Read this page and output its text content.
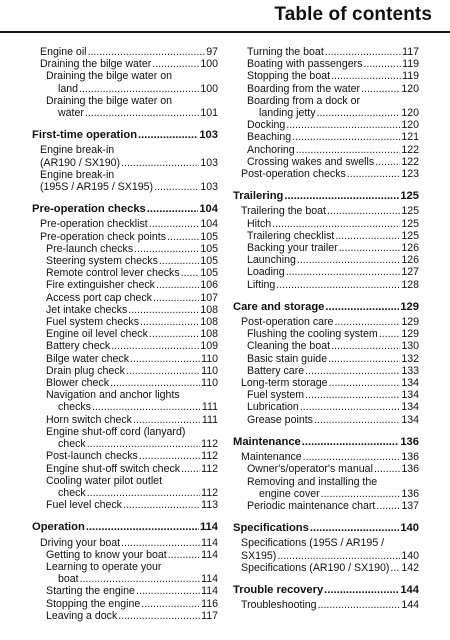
Table of contents
Engine oil .....	97
Draining the bilge water .....	100
Draining the bilge water on
land .....	100
Draining the bilge water on
water .....	101
First-time operation .....	103
Engine break-in
(AR190 / SX190) .....	103
Engine break-in
(195S / AR195 / SX195) .....	103
Pre-operation checks .....	104
Pre-operation checklist .....	104
Pre-operation check points .....	105
Pre-launch checks .....	105
Steering system checks .....	105
Remote control lever checks ..... 105
Fire extinguisher check .....	106
Access port cap check .....	107
Jet intake checks .....	108
Fuel system checks .....	108
Engine oil level check .....	108
Battery check .....	109
Bilge water check .....	110
Drain plug check .....	110
Blower check .....	110
Navigation and anchor lights
checks .....	111
Horn switch check .....	111
Engine shut-off cord (lanyard)
check .....	112
Post-launch checks .....	112
Engine shut-off switch check ..... 112
Cooling water pilot outlet
check .....	112
Fuel level check .....	113
Operation .....	114
Driving your boat .....	114
Getting to know your boat .....	114
Learning to operate your
boat .....	114
Starting the engine .....	114
Stopping the engine .....	116
Leaving a dock .....	117
Turning the boat .....	117
Boating with passengers .....	119
Stopping the boat .....	119
Boarding from the water .....	120
Boarding from a dock or
landing jetty .....	120
Docking .....	120
Beaching .....	121
Anchoring .....	122
Crossing wakes and swells .....	122
Post-operation checks .....	123
Trailering .....	125
Trailering the boat .....	125
Hitch .....	125
Trailering checklist .....	125
Backing your trailer .....	126
Launching .....	126
Loading .....	127
Lifting .....	128
Care and storage .....	129
Post-operation care .....	129
Flushing the cooling system ..... 129
Cleaning the boat .....	130
Basic stain guide .....	132
Battery care .....	133
Long-term storage .....	134
Fuel system .....	134
Lubrication .....	134
Grease points .....	134
Maintenance .....	136
Maintenance .....	136
Owner's/operator's manual .....	136
Removing and installing the
engine cover .....	136
Periodic maintenance chart ..... 137
Specifications .....	140
Specifications (195S / AR195 /
SX195) .....	140
Specifications (AR190 / SX190) ..... 142
Trouble recovery .....	144
Troubleshooting .....	144
